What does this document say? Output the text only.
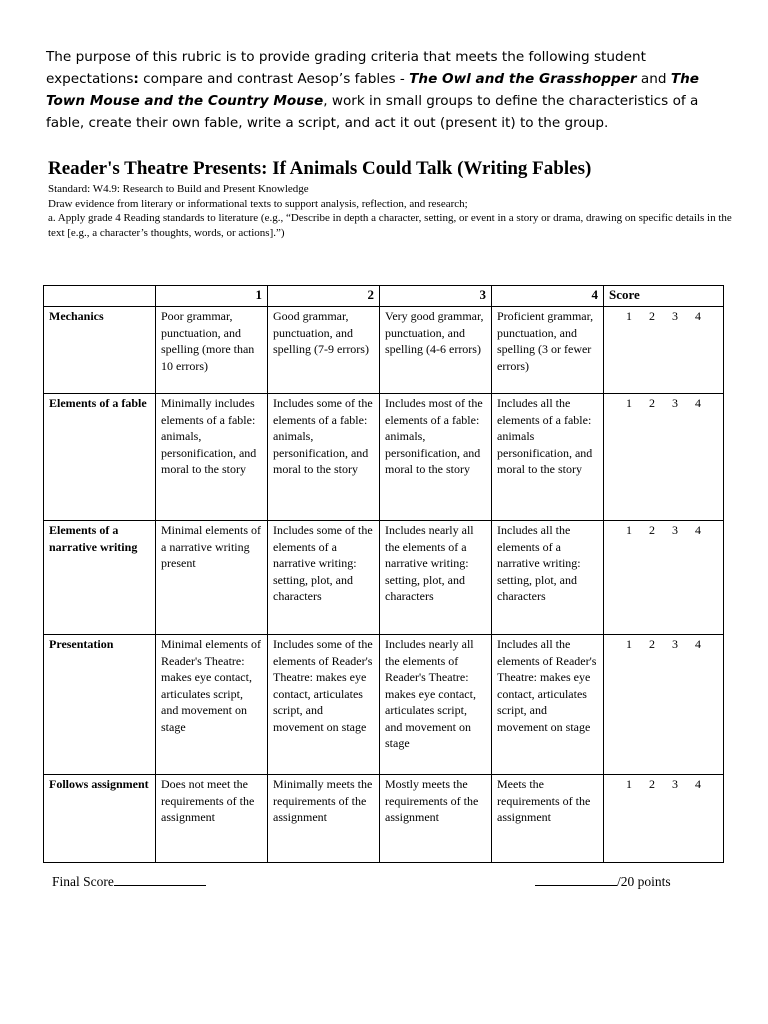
The purpose of this rubric is to provide grading criteria that meets the following student expectations: compare and contrast Aesop’s fables - The Owl and the Grasshopper and The Town Mouse and the Country Mouse, work in small groups to define the characteristics of a fable, create their own fable, write a script, and act it out (present it) to the group.
Reader's Theatre Presents: If Animals Could Talk (Writing Fables)
Standard: W4.9: Research to Build and Present Knowledge
Draw evidence from literary or informational texts to support analysis, reflection, and research;
a. Apply grade 4 Reading standards to literature (e.g., “Describe in depth a character, setting, or event in a story or drama, drawing on specific details in the text [e.g., a character’s thoughts, words, or actions].”)
	1	2	3	4	Score
Mechanics	Poor grammar, punctuation, and spelling (more than 10 errors)	Good grammar, punctuation, and spelling (7-9 errors)	Very good grammar, punctuation, and spelling (4-6 errors)	Proficient grammar, punctuation, and spelling (3 or fewer errors)	1 2 3 4
Elements of a fable	Minimally includes elements of a fable: animals, personification, and moral to the story	Includes some of the elements of a fable: animals, personification, and moral to the story	Includes most of the elements of a fable: animals, personification, and moral to the story	Includes all the elements of a fable: animals personification, and moral to the story	1 2 3 4
Elements of a narrative writing	Minimal elements of a narrative writing present	Includes some of the elements of a narrative writing: setting, plot, and characters	Includes nearly all the elements of a narrative writing: setting, plot, and characters	Includes all the elements of a narrative writing: setting, plot, and characters	1 2 3 4
Presentation	Minimal elements of Reader's Theatre: makes eye contact, articulates script, and movement on stage	Includes some of the elements of Reader's Theatre: makes eye contact, articulates script, and movement on stage	Includes nearly all the elements of Reader's Theatre: makes eye contact, articulates script, and movement on stage	Includes all the elements of Reader's Theatre: makes eye contact, articulates script, and movement on stage	1 2 3 4
Follows assignment	Does not meet the requirements of the assignment	Minimally meets the requirements of the assignment	Mostly meets the requirements of the assignment	Meets the requirements of the assignment	1 2 3 4
Final Score	/20 points
